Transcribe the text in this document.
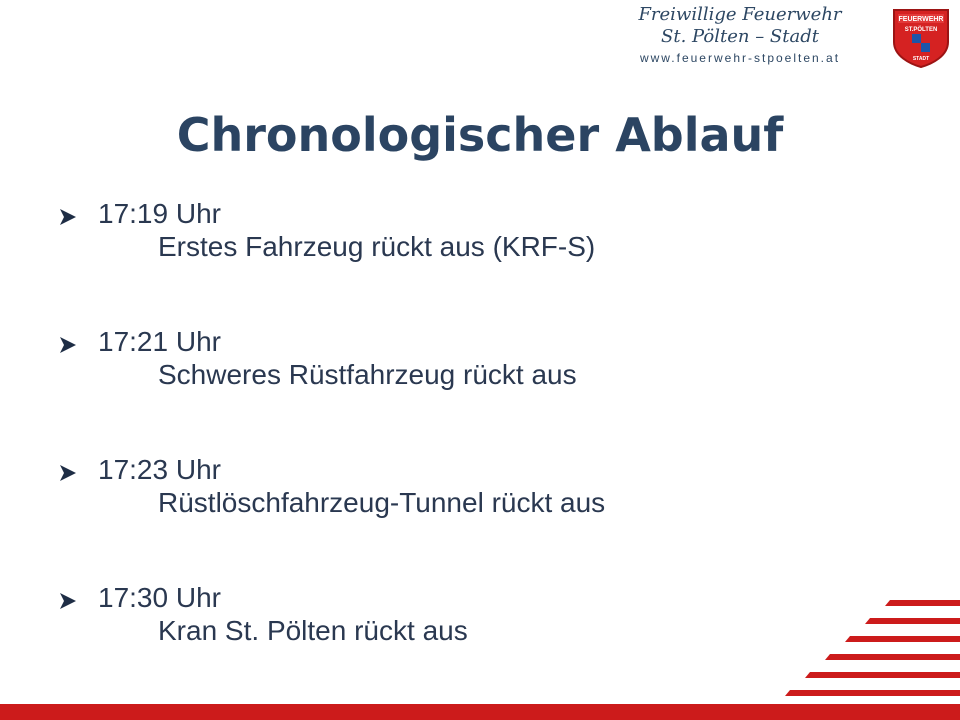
Freiwillige Feuerwehr
St. Pölten – Stadt
www.feuerwehr-stpoelten.at
FEUERWEHR
ST.PÖLTEN
STADT
Chronologischer Ablauf
17:19 Uhr
Erstes Fahrzeug rückt aus (KRF-S)
17:21 Uhr
Schweres Rüstfahrzeug rückt aus
17:23 Uhr
Rüstlöschfahrzeug-Tunnel rückt aus
17:30 Uhr
Kran St. Pölten rückt aus
